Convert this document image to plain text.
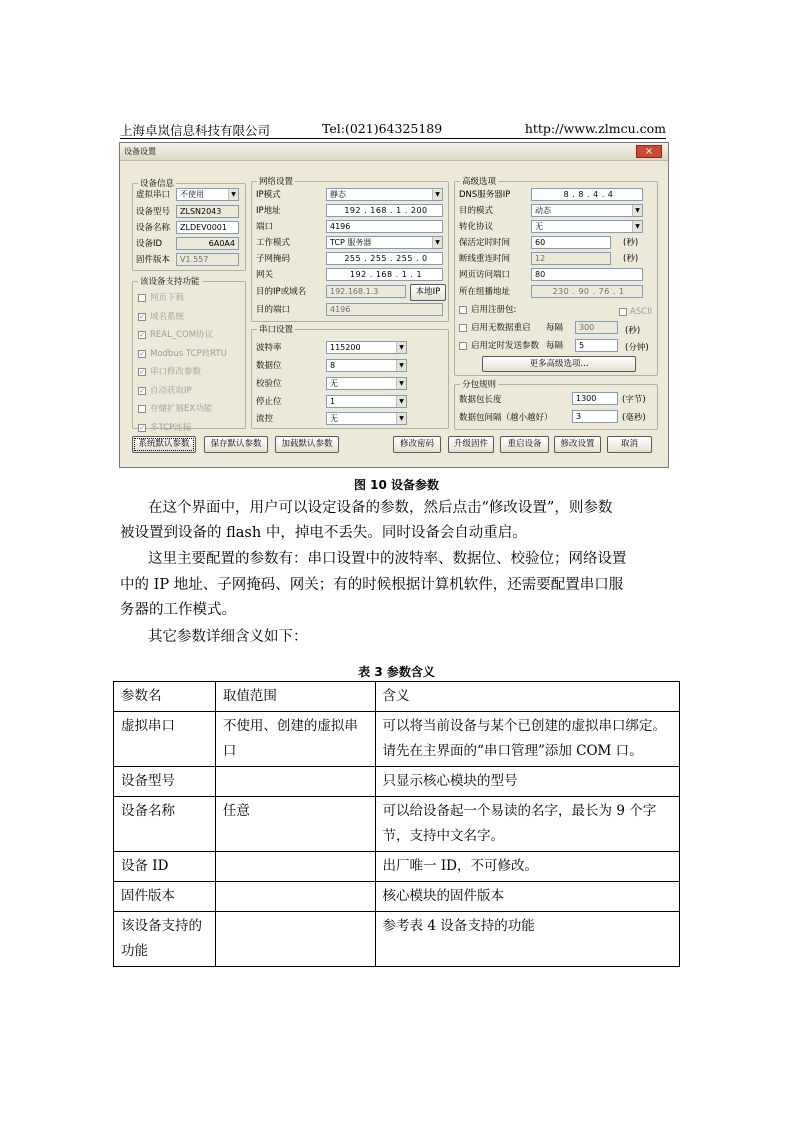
上海卓岚信息科技有限公司	Tel:(021)64325189	http://www.zlmcu.com
设备设置	×
设备信息
虚拟串口	不使用	▼
设备型号	ZLSN2043
设备名称	ZLDEV0001
设备ID	6A0A4
固件版本	V1.557
该设备支持功能
网络设置
IP模式	静态	▼
IP地址	192 . 168 . 1 . 200
端口	4196
工作模式	TCP 服务器	▼
子网掩码	255 . 255 . 255 . 0
网关	192 . 168 . 1 . 1
目的IP或域名	192.168.1.3	本地IP
目的端口	4196
串口设置
波特率	115200	▼
数据位	8	▼
校验位	无	▼
停止位	1	▼
流控	无	▼
高级选项
DNS服务器IP	8 . 8 . 4 . 4
目的模式	动态	▼
转化协议	无	▼
保活定时时间	60	(秒)
断线重连时间	12	(秒)
网页访问端口	80
所在组播地址	230 . 90 . 76 . 1
启用注册包:	ASCII
启用无数据重启 每隔	300	(秒)
启用定时发送参数 每隔	5	(分钟)
更多高级选项...
分包规则
数据包长度	1300	(字节)
数据包间隔（越小越好）	3	(毫秒)
系统默认参数	保存默认参数	加载默认参数	修改密码	升级固件	重启设备	修改设置	取消
网页下载
✓ 域名系统
✓ REAL_COM协议
✓ Modbus TCP转RTU
✓ 串口修改参数
✓ 自动获取IP
存储扩展EX功能
✓ 多TCP连接
图 10 设备参数
在这个界面中，用户可以设定设备的参数，然后点击“修改设置”，则参数
被设置到设备的 flash 中，掉电不丢失。同时设备会自动重启。
这里主要配置的参数有：串口设置中的波特率、数据位、校验位；网络设置
中的 IP 地址、子网掩码、网关；有的时候根据计算机软件，还需要配置串口服
务器的工作模式。
其它参数详细含义如下：
表 3 参数含义
参数名	取值范围	含义
虚拟串口	不使用、创建的虚拟串口	可以将当前设备与某个已创建的虚拟串口绑定。请先在主界面的“串口管理”添加 COM 口。
设备型号		只显示核心模块的型号
设备名称	任意	可以给设备起一个易读的名字，最长为 9 个字节，支持中文名字。
设备 ID		出厂唯一 ID，不可修改。
固件版本		核心模块的固件版本
该设备支持的功能		参考表 4 设备支持的功能
